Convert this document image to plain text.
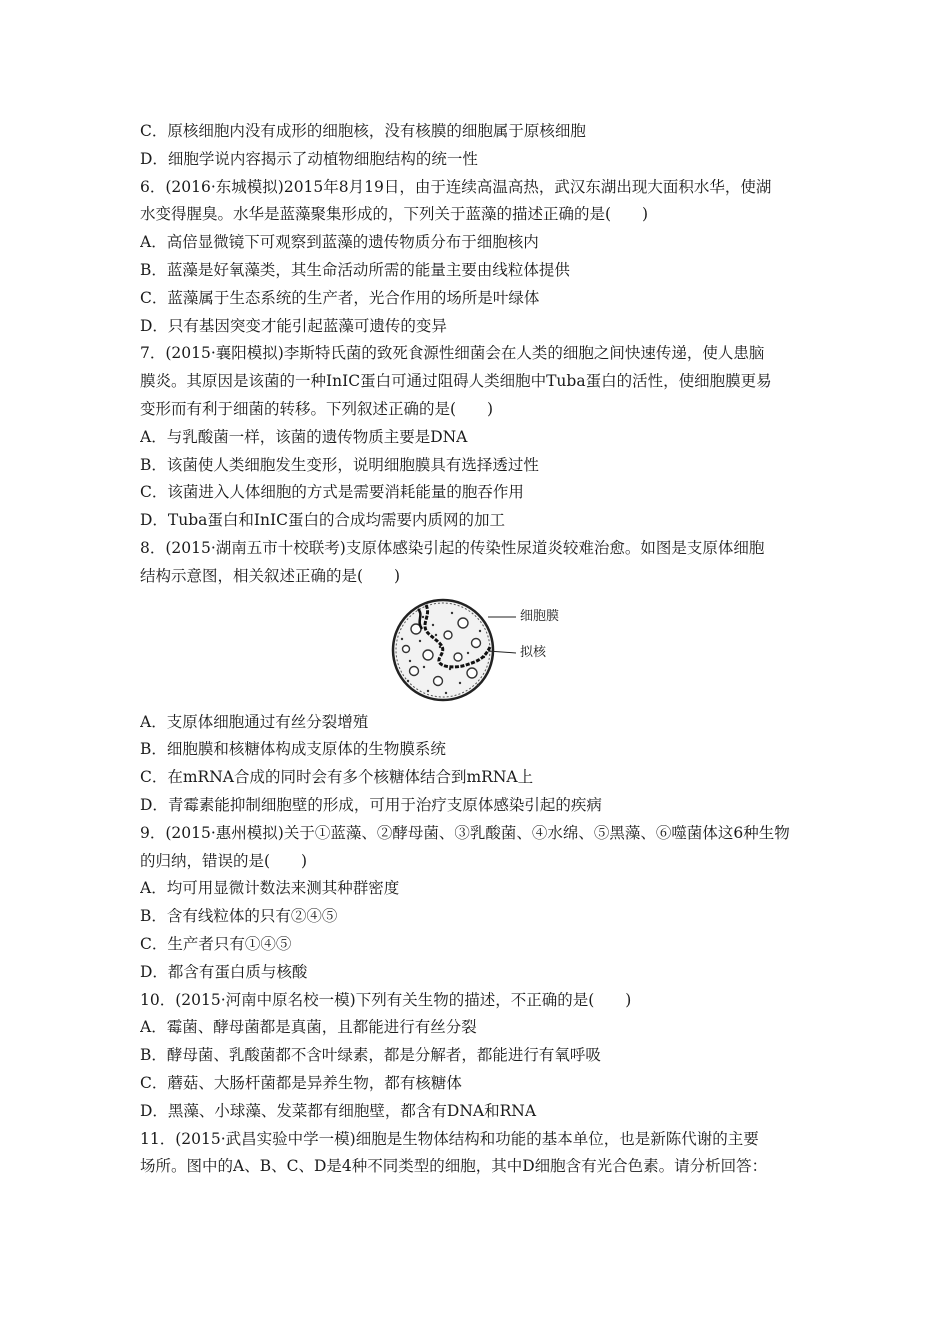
C．原核细胞内没有成形的细胞核，没有核膜的细胞属于原核细胞
D．细胞学说内容揭示了动植物细胞结构的统一性
6．(2016·东城模拟)2015年8月19日，由于连续高温高热，武汉东湖出现大面积水华，使湖
水变得腥臭。水华是蓝藻聚集形成的，下列关于蓝藻的描述正确的是(　　)
A．高倍显微镜下可观察到蓝藻的遗传物质分布于细胞核内
B．蓝藻是好氧藻类，其生命活动所需的能量主要由线粒体提供
C．蓝藻属于生态系统的生产者，光合作用的场所是叶绿体
D．只有基因突变才能引起蓝藻可遗传的变异
7．(2015·襄阳模拟)李斯特氏菌的致死食源性细菌会在人类的细胞之间快速传递，使人患脑
膜炎。其原因是该菌的一种InIC蛋白可通过阻碍人类细胞中Tuba蛋白的活性，使细胞膜更易
变形而有利于细菌的转移。下列叙述正确的是(　　)
A．与乳酸菌一样，该菌的遗传物质主要是DNA
B．该菌使人类细胞发生变形，说明细胞膜具有选择透过性
C．该菌进入人体细胞的方式是需要消耗能量的胞吞作用
D．Tuba蛋白和InIC蛋白的合成均需要内质网的加工
8．(2015·湖南五市十校联考)支原体感染引起的传染性尿道炎较难治愈。如图是支原体细胞
结构示意图，相关叙述正确的是(　　)
细胞膜
拟核
A．支原体细胞通过有丝分裂增殖
B．细胞膜和核糖体构成支原体的生物膜系统
C．在mRNA合成的同时会有多个核糖体结合到mRNA上
D．青霉素能抑制细胞壁的形成，可用于治疗支原体感染引起的疾病
9．(2015·惠州模拟)关于①蓝藻、②酵母菌、③乳酸菌、④水绵、⑤黑藻、⑥噬菌体这6种生物
的归纳，错误的是(　　)
A．均可用显微计数法来测其种群密度
B．含有线粒体的只有②④⑤
C．生产者只有①④⑤
D．都含有蛋白质与核酸
10．(2015·河南中原名校一模)下列有关生物的描述，不正确的是(　　)
A．霉菌、酵母菌都是真菌，且都能进行有丝分裂
B．酵母菌、乳酸菌都不含叶绿素，都是分解者，都能进行有氧呼吸
C．蘑菇、大肠杆菌都是异养生物，都有核糖体
D．黑藻、小球藻、发菜都有细胞壁，都含有DNA和RNA
11．(2015·武昌实验中学一模)细胞是生物体结构和功能的基本单位，也是新陈代谢的主要
场所。图中的A、B、C、D是4种不同类型的细胞，其中D细胞含有光合色素。请分析回答：
